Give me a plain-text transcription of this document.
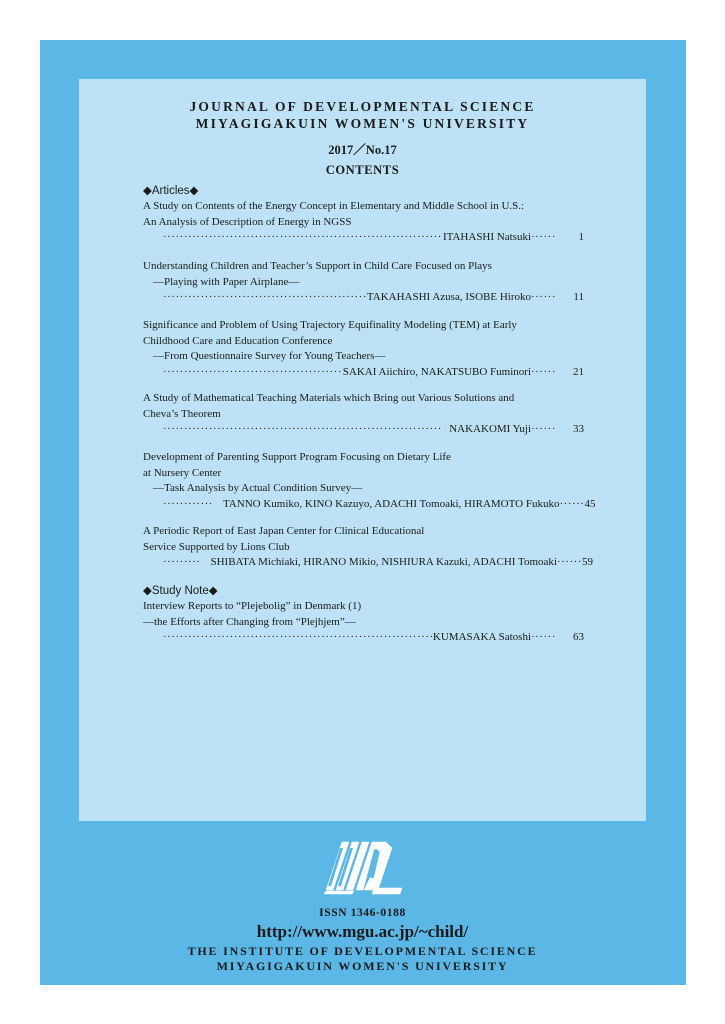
JOURNAL OF DEVELOPMENTAL SCIENCE
MIYAGIGAKUIN WOMEN'S UNIVERSITY
2017／No.17
CONTENTS
◆Articles◆
A Study on Contents of the Energy Concept in Elementary and Middle School in U.S.:
An Analysis of Description of Energy in NGSS
·····
ITAHASHI Natsuki ······	1
Understanding Children and Teacher’s Support in Child Care Focused on Plays
—Playing with Paper Airplane—
·····
TAKAHASHI Azusa, ISOBE Hiroko ······	11
Significance and Problem of Using Trajectory Equifinality Modeling (TEM) at Early
Childhood Care and Education Conference
—From Questionnaire Survey for Young Teachers—
·····
SAKAI Aiichiro, NAKATSUBO Fuminori ······	21
A Study of Mathematical Teaching Materials which Bring out Various Solutions and
Cheva’s Theorem
·····
NAKAKOMI Yuji ······	33
Development of Parenting Support Program Focusing on Dietary Life
at Nursery Center
—Task Analysis by Actual Condition Survey—
············ TANNO Kumiko, KINO Kazuyo, ADACHI Tomoaki, HIRAMOTO Fukuko ······ 45
A Periodic Report of East Japan Center for Clinical Educational
Service Supported by Lions Club
········· SHIBATA Michiaki, HIRANO Mikio, NISHIURA Kazuki, ADACHI Tomoaki ······ 59
◆Study Note◆
Interview Reports to “Plejebolig” in Denmark (1)
—the Efforts after Changing from “Plejhjem”—
·····
KUMASAKA Satoshi ······	63
ISSN 1346-0188
http://www.mgu.ac.jp/~child/
THE INSTITUTE OF DEVELOPMENTAL SCIENCE
MIYAGIGAKUIN WOMEN'S UNIVERSITY
